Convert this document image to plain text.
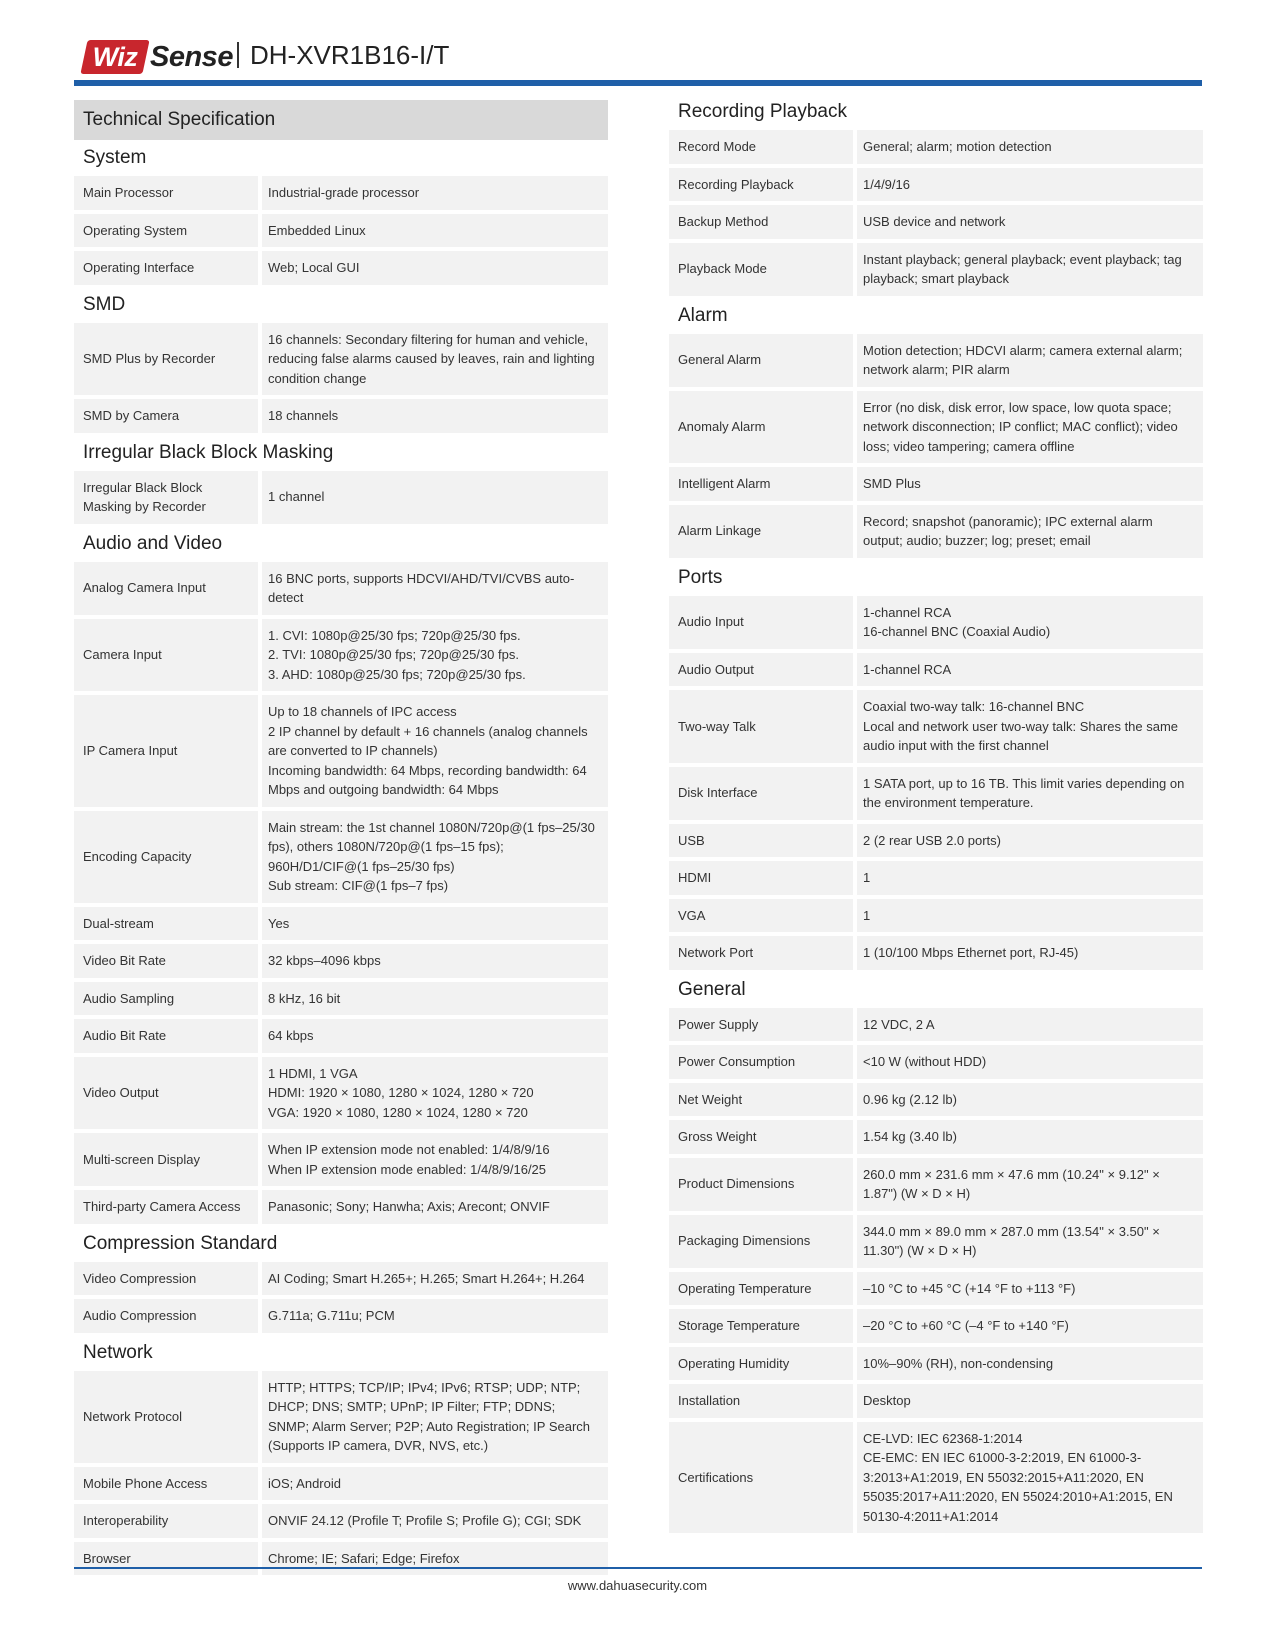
Wiz Sense DH-XVR1B16-I/T
Technical Specification
System
Main Processor	Industrial-grade processor
Operating System	Embedded Linux
Operating Interface	Web; Local GUI
SMD
SMD Plus by Recorder	16 channels: Secondary filtering for human and vehicle, reducing false alarms caused by leaves, rain and lighting condition change
SMD by Camera	18 channels
Irregular Black Block Masking
Irregular Black Block Masking by Recorder	1 channel
Audio and Video
Analog Camera Input	16 BNC ports, supports HDCVI/AHD/TVI/CVBS auto-detect
Camera Input	1. CVI: 1080p@25/30 fps; 720p@25/30 fps.
2. TVI: 1080p@25/30 fps; 720p@25/30 fps.
3. AHD: 1080p@25/30 fps; 720p@25/30 fps.
IP Camera Input	Up to 18 channels of IPC access
2 IP channel by default + 16 channels (analog channels are converted to IP channels)
Incoming bandwidth: 64 Mbps, recording bandwidth: 64 Mbps and outgoing bandwidth: 64 Mbps
Encoding Capacity	Main stream: the 1st channel 1080N/720p@(1 fps–25/30 fps), others 1080N/720p@(1 fps–15 fps); 960H/D1/CIF@(1 fps–25/30 fps)
Sub stream: CIF@(1 fps–7 fps)
Dual-stream	Yes
Video Bit Rate	32 kbps–4096 kbps
Audio Sampling	8 kHz, 16 bit
Audio Bit Rate	64 kbps
Video Output	1 HDMI, 1 VGA
HDMI: 1920 × 1080, 1280 × 1024, 1280 × 720
VGA: 1920 × 1080, 1280 × 1024, 1280 × 720
Multi-screen Display	When IP extension mode not enabled: 1/4/8/9/16
When IP extension mode enabled: 1/4/8/9/16/25
Third-party Camera Access	Panasonic; Sony; Hanwha; Axis; Arecont; ONVIF
Compression Standard
Video Compression	AI Coding; Smart H.265+; H.265; Smart H.264+; H.264
Audio Compression	G.711a; G.711u; PCM
Network
Network Protocol	HTTP; HTTPS; TCP/IP; IPv4; IPv6; RTSP; UDP; NTP; DHCP; DNS; SMTP; UPnP; IP Filter; FTP; DDNS; SNMP; Alarm Server; P2P; Auto Registration; IP Search (Supports IP camera, DVR, NVS, etc.)
Mobile Phone Access	iOS; Android
Interoperability	ONVIF 24.12 (Profile T; Profile S; Profile G); CGI; SDK
Browser	Chrome; IE; Safari; Edge; Firefox
Recording Playback
Record Mode	General; alarm; motion detection
Recording Playback	1/4/9/16
Backup Method	USB device and network
Playback Mode	Instant playback; general playback; event playback; tag playback; smart playback
Alarm
General Alarm	Motion detection; HDCVI alarm; camera external alarm; network alarm; PIR alarm
Anomaly Alarm	Error (no disk, disk error, low space, low quota space; network disconnection; IP conflict; MAC conflict); video loss; video tampering; camera offline
Intelligent Alarm	SMD Plus
Alarm Linkage	Record; snapshot (panoramic); IPC external alarm output; audio; buzzer; log; preset; email
Ports
Audio Input	1-channel RCA
16-channel BNC (Coaxial Audio)
Audio Output	1-channel RCA
Two-way Talk	Coaxial two-way talk: 16-channel BNC
Local and network user two-way talk: Shares the same audio input with the first channel
Disk Interface	1 SATA port, up to 16 TB. This limit varies depending on the environment temperature.
USB	2 (2 rear USB 2.0 ports)
HDMI	1
VGA	1
Network Port	1 (10/100 Mbps Ethernet port, RJ-45)
General
Power Supply	12 VDC, 2 A
Power Consumption	<10 W (without HDD)
Net Weight	0.96 kg (2.12 lb)
Gross Weight	1.54 kg (3.40 lb)
Product Dimensions	260.0 mm × 231.6 mm × 47.6 mm (10.24" × 9.12" × 1.87") (W × D × H)
Packaging Dimensions	344.0 mm × 89.0 mm × 287.0 mm (13.54" × 3.50" × 11.30") (W × D × H)
Operating Temperature	–10 °C to +45 °C (+14 °F to +113 °F)
Storage Temperature	–20 °C to +60 °C (–4 °F to +140 °F)
Operating Humidity	10%–90% (RH), non-condensing
Installation	Desktop
Certifications	CE-LVD: IEC 62368-1:2014
CE-EMC: EN IEC 61000-3-2:2019, EN 61000-3-3:2013+A1:2019, EN 55032:2015+A11:2020, EN 55035:2017+A11:2020, EN 55024:2010+A1:2015, EN 50130-4:2011+A1:2014
www.dahuasecurity.com
